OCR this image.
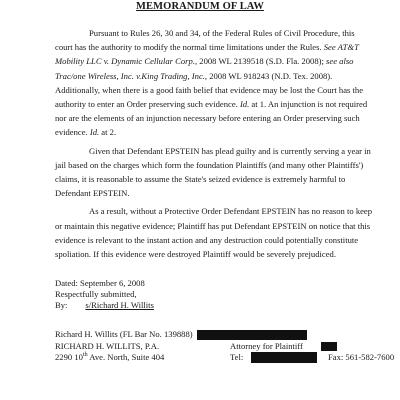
MEMORANDUM OF LAW

Pursuant to Rules 26, 30 and 34, of the Federal Rules of Civil Procedure, this court has the authority to modify the normal time limitations under the Rules. See AT&T Mobility LLC v. Dynamic Cellular Corp., 2008 WL 2139518 (S.D. Fla. 2008); see also Trac/one Wireless, Inc. v.King Trading, Inc., 2008 WL 918243 (N.D. Tex. 2008). Additionally, when there is a good faith belief that evidence may be lost the Court has the authority to enter an Order preserving such evidence. Id. at 1. An injunction is not required nor are the elements of an injunction necessary before entering an Order preserving such evidence. Id. at 2.

Given that Defendant EPSTEIN has plead guilty and is currently serving a year in jail based on the charges which form the foundation Plaintiffs (and many other Plaintiffs') claims, it is reasonable to assume the State's seized evidence is extremely harmful to Defendant EPSTEIN.

As a result, without a Protective Order Defendant EPSTEIN has no reason to keep or maintain this negative evidence; Plaintiff has put Defendant EPSTEIN on notice that this evidence is relevant to the instant action and any destruction could potentially constitute spoliation. If this evidence were destroyed Plaintiff would be severely prejudiced.

Dated: September 6, 2008
Respectfully submitted,
By: s/Richard H. Willits
Richard H. Willits (FL Bar No. 139888)
RICHARD H. WILLITS, P.A.	Attorney for Plaintiff
2290 10th Ave. North, Suite 404	Tel:	Fax: 561-582-7600
